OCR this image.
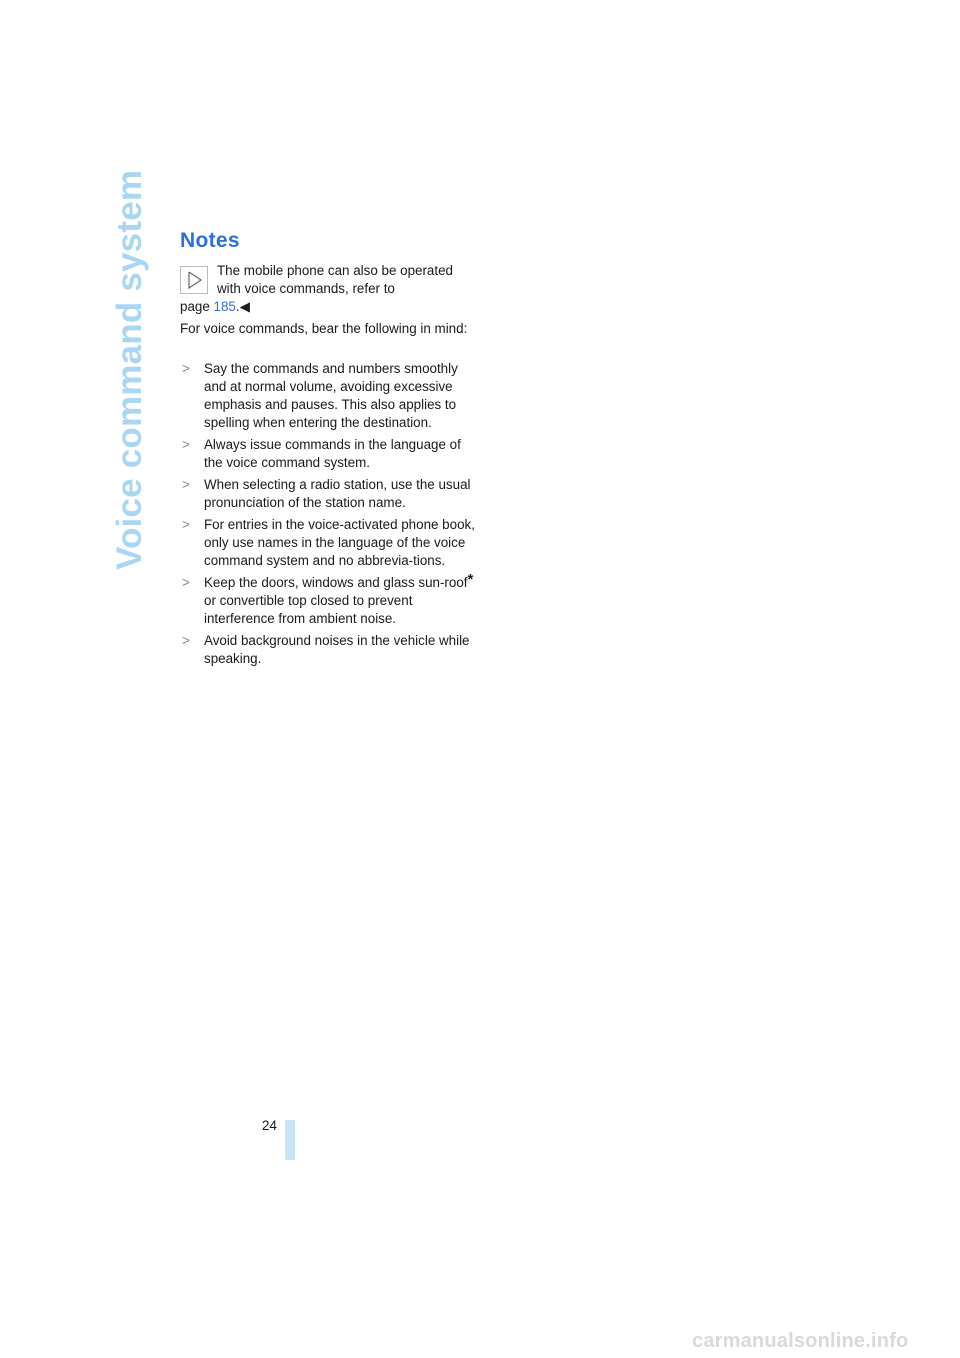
Voice command system Notes
The mobile phone can also be operated
with voice commands, refer to
page 185.◀
For voice commands, bear the following in mind:
> Say the commands and numbers smoothly and at normal volume, avoiding excessive emphasis and pauses. This also applies to spelling when entering the destination.
> Always issue commands in the language of the voice command system.
> When selecting a radio station, use the usual pronunciation of the station name.
> For entries in the voice-activated phone book, only use names in the language of the voice command system and no abbrevia-tions.
> Keep the doors, windows and glass sun-roof* or convertible top closed to prevent interference from ambient noise.
> Avoid background noises in the vehicle while speaking.
24
carmanualsonline.info
